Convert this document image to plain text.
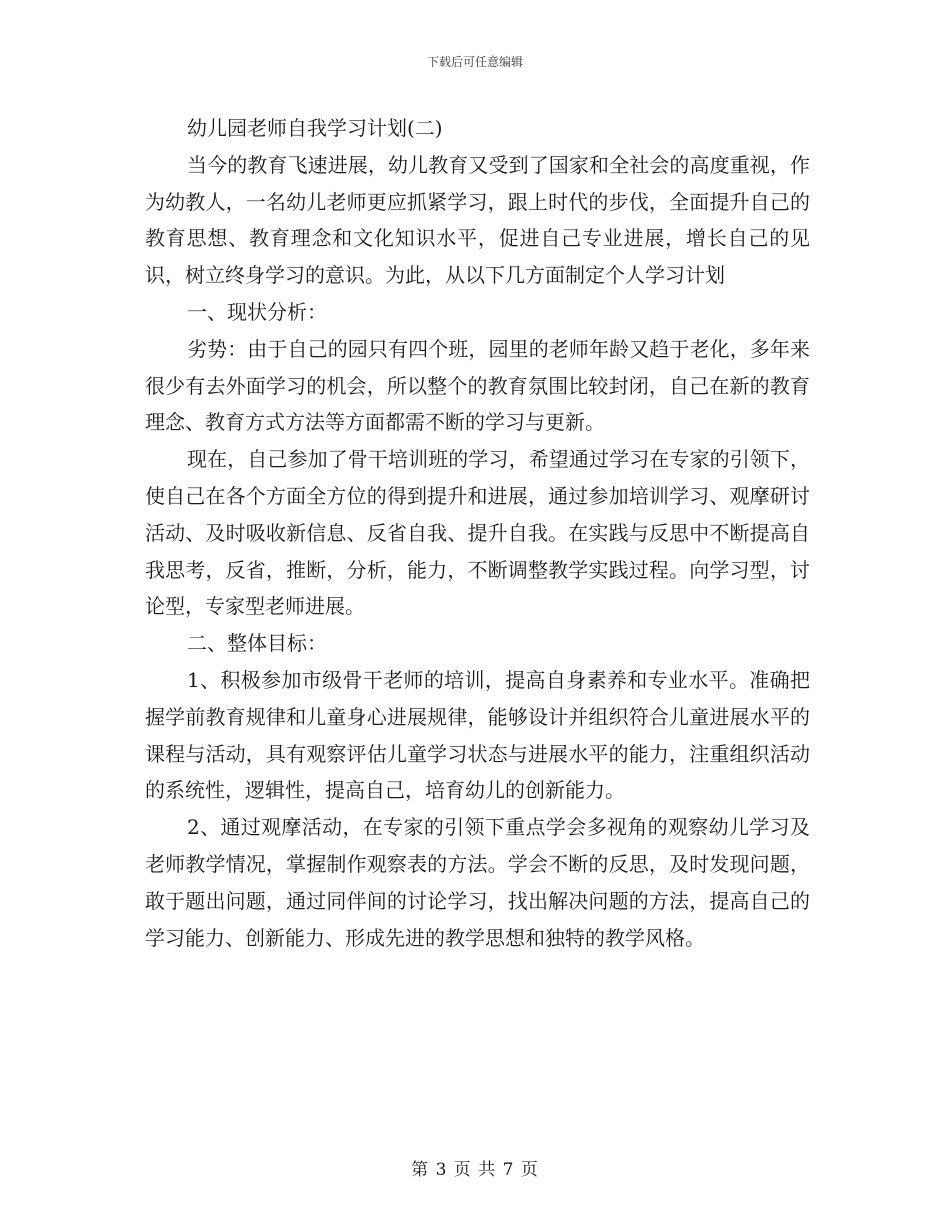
下载后可任意编辑

幼儿园老师自我学习计划(二)

当今的教育飞速进展，幼儿教育又受到了国家和全社会的高度重视，作为幼教人，一名幼儿老师更应抓紧学习，跟上时代的步伐，全面提升自己的教育思想、教育理念和文化知识水平，促进自己专业进展，增长自己的见识，树立终身学习的意识。为此，从以下几方面制定个人学习计划

一、现状分析：

劣势：由于自己的园只有四个班，园里的老师年龄又趋于老化，多年来很少有去外面学习的机会，所以整个的教育氛围比较封闭，自己在新的教育理念、教育方式方法等方面都需不断的学习与更新。

现在，自己参加了骨干培训班的学习，希望通过学习在专家的引领下，使自己在各个方面全方位的得到提升和进展，通过参加培训学习、观摩研讨活动、及时吸收新信息、反省自我、提升自我。在实践与反思中不断提高自我思考，反省，推断，分析，能力，不断调整教学实践过程。向学习型，讨论型，专家型老师进展。

二、整体目标：

1、积极参加市级骨干老师的培训，提高自身素养和专业水平。准确把握学前教育规律和儿童身心进展规律，能够设计并组织符合儿童进展水平的课程与活动，具有观察评估儿童学习状态与进展水平的能力，注重组织活动的系统性，逻辑性，提高自己，培育幼儿的创新能力。

2、通过观摩活动，在专家的引领下重点学会多视角的观察幼儿学习及老师教学情况，掌握制作观察表的方法。学会不断的反思，及时发现问题，敢于题出问题，通过同伴间的讨论学习，找出解决问题的方法，提高自己的学习能力、创新能力、形成先进的教学思想和独特的教学风格。

第 3 页 共 7 页
